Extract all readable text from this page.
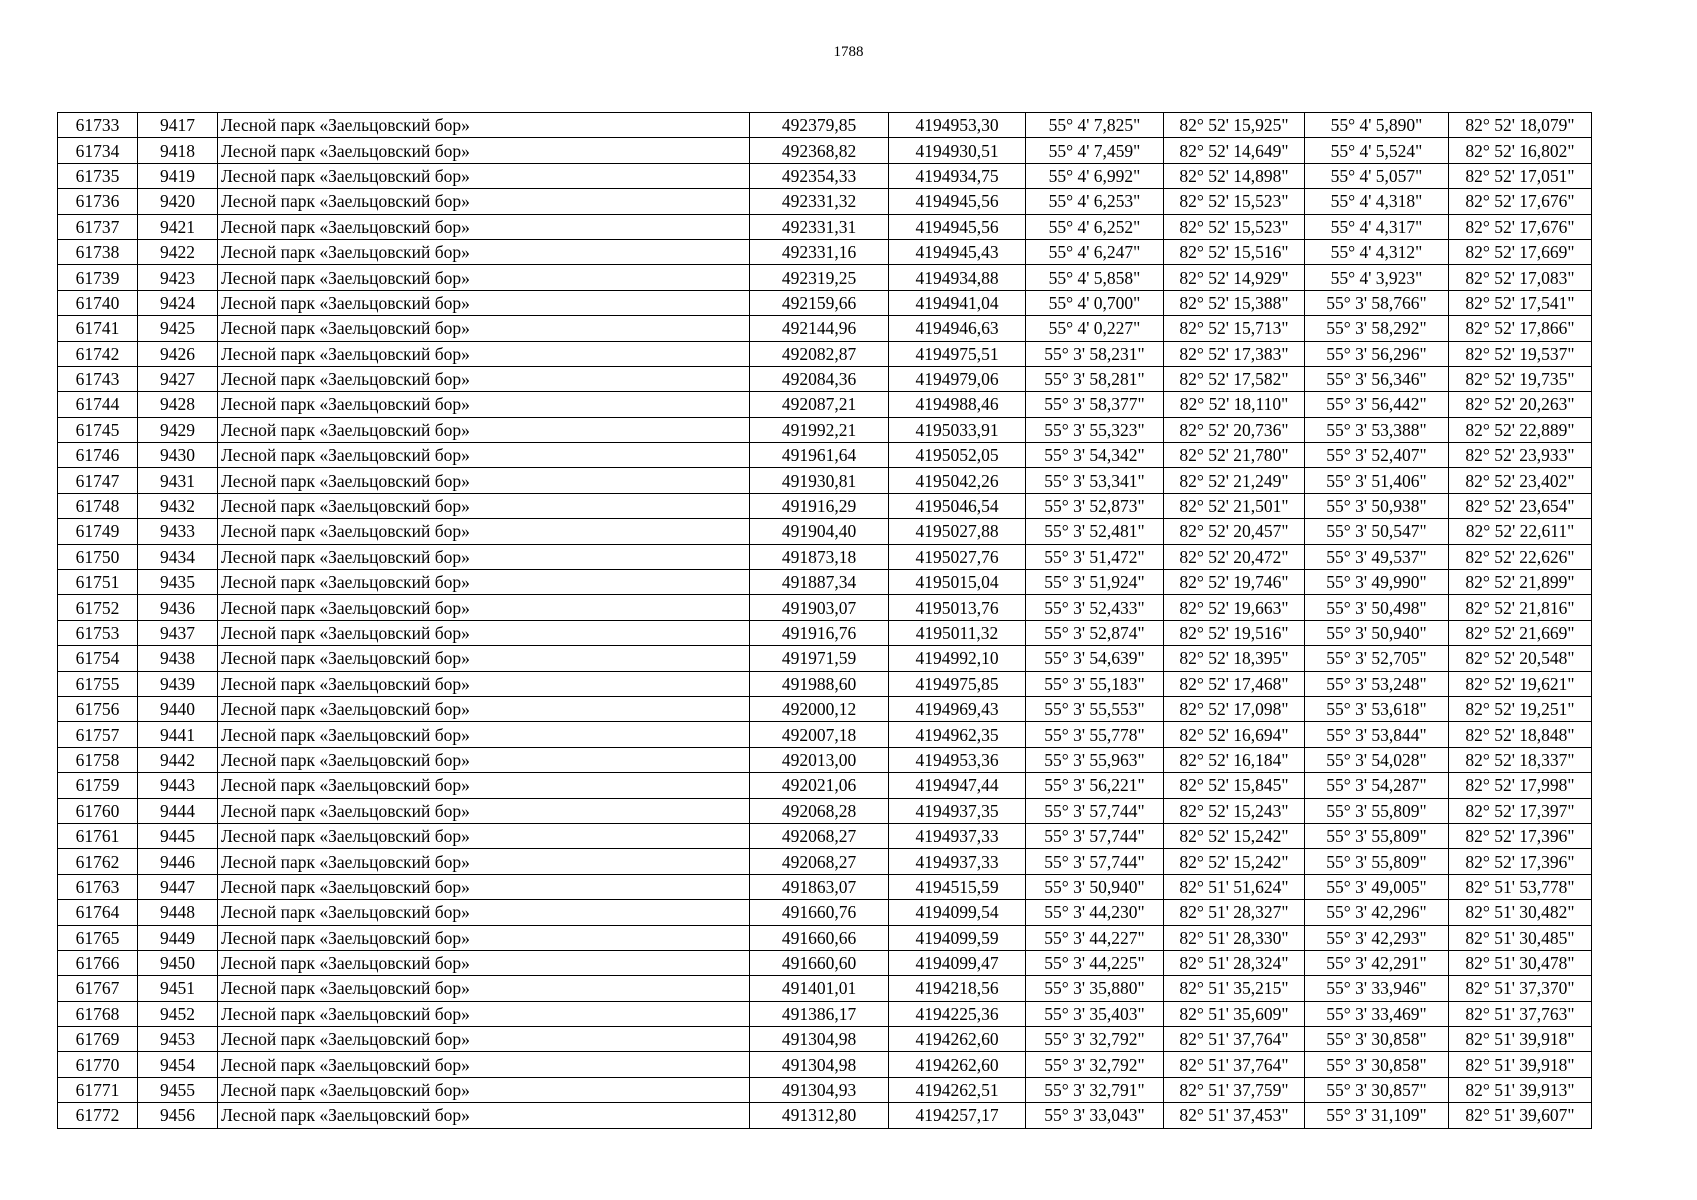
1788
61733	9417	Лесной парк «Заельцовский бор»	492379,85	4194953,30	55° 4' 7,825"	82° 52' 15,925"	55° 4' 5,890"	82° 52' 18,079"
61734	9418	Лесной парк «Заельцовский бор»	492368,82	4194930,51	55° 4' 7,459"	82° 52' 14,649"	55° 4' 5,524"	82° 52' 16,802"
61735	9419	Лесной парк «Заельцовский бор»	492354,33	4194934,75	55° 4' 6,992"	82° 52' 14,898"	55° 4' 5,057"	82° 52' 17,051"
61736	9420	Лесной парк «Заельцовский бор»	492331,32	4194945,56	55° 4' 6,253"	82° 52' 15,523"	55° 4' 4,318"	82° 52' 17,676"
61737	9421	Лесной парк «Заельцовский бор»	492331,31	4194945,56	55° 4' 6,252"	82° 52' 15,523"	55° 4' 4,317"	82° 52' 17,676"
61738	9422	Лесной парк «Заельцовский бор»	492331,16	4194945,43	55° 4' 6,247"	82° 52' 15,516"	55° 4' 4,312"	82° 52' 17,669"
61739	9423	Лесной парк «Заельцовский бор»	492319,25	4194934,88	55° 4' 5,858"	82° 52' 14,929"	55° 4' 3,923"	82° 52' 17,083"
61740	9424	Лесной парк «Заельцовский бор»	492159,66	4194941,04	55° 4' 0,700"	82° 52' 15,388"	55° 3' 58,766"	82° 52' 17,541"
61741	9425	Лесной парк «Заельцовский бор»	492144,96	4194946,63	55° 4' 0,227"	82° 52' 15,713"	55° 3' 58,292"	82° 52' 17,866"
61742	9426	Лесной парк «Заельцовский бор»	492082,87	4194975,51	55° 3' 58,231"	82° 52' 17,383"	55° 3' 56,296"	82° 52' 19,537"
61743	9427	Лесной парк «Заельцовский бор»	492084,36	4194979,06	55° 3' 58,281"	82° 52' 17,582"	55° 3' 56,346"	82° 52' 19,735"
61744	9428	Лесной парк «Заельцовский бор»	492087,21	4194988,46	55° 3' 58,377"	82° 52' 18,110"	55° 3' 56,442"	82° 52' 20,263"
61745	9429	Лесной парк «Заельцовский бор»	491992,21	4195033,91	55° 3' 55,323"	82° 52' 20,736"	55° 3' 53,388"	82° 52' 22,889"
61746	9430	Лесной парк «Заельцовский бор»	491961,64	4195052,05	55° 3' 54,342"	82° 52' 21,780"	55° 3' 52,407"	82° 52' 23,933"
61747	9431	Лесной парк «Заельцовский бор»	491930,81	4195042,26	55° 3' 53,341"	82° 52' 21,249"	55° 3' 51,406"	82° 52' 23,402"
61748	9432	Лесной парк «Заельцовский бор»	491916,29	4195046,54	55° 3' 52,873"	82° 52' 21,501"	55° 3' 50,938"	82° 52' 23,654"
61749	9433	Лесной парк «Заельцовский бор»	491904,40	4195027,88	55° 3' 52,481"	82° 52' 20,457"	55° 3' 50,547"	82° 52' 22,611"
61750	9434	Лесной парк «Заельцовский бор»	491873,18	4195027,76	55° 3' 51,472"	82° 52' 20,472"	55° 3' 49,537"	82° 52' 22,626"
61751	9435	Лесной парк «Заельцовский бор»	491887,34	4195015,04	55° 3' 51,924"	82° 52' 19,746"	55° 3' 49,990"	82° 52' 21,899"
61752	9436	Лесной парк «Заельцовский бор»	491903,07	4195013,76	55° 3' 52,433"	82° 52' 19,663"	55° 3' 50,498"	82° 52' 21,816"
61753	9437	Лесной парк «Заельцовский бор»	491916,76	4195011,32	55° 3' 52,874"	82° 52' 19,516"	55° 3' 50,940"	82° 52' 21,669"
61754	9438	Лесной парк «Заельцовский бор»	491971,59	4194992,10	55° 3' 54,639"	82° 52' 18,395"	55° 3' 52,705"	82° 52' 20,548"
61755	9439	Лесной парк «Заельцовский бор»	491988,60	4194975,85	55° 3' 55,183"	82° 52' 17,468"	55° 3' 53,248"	82° 52' 19,621"
61756	9440	Лесной парк «Заельцовский бор»	492000,12	4194969,43	55° 3' 55,553"	82° 52' 17,098"	55° 3' 53,618"	82° 52' 19,251"
61757	9441	Лесной парк «Заельцовский бор»	492007,18	4194962,35	55° 3' 55,778"	82° 52' 16,694"	55° 3' 53,844"	82° 52' 18,848"
61758	9442	Лесной парк «Заельцовский бор»	492013,00	4194953,36	55° 3' 55,963"	82° 52' 16,184"	55° 3' 54,028"	82° 52' 18,337"
61759	9443	Лесной парк «Заельцовский бор»	492021,06	4194947,44	55° 3' 56,221"	82° 52' 15,845"	55° 3' 54,287"	82° 52' 17,998"
61760	9444	Лесной парк «Заельцовский бор»	492068,28	4194937,35	55° 3' 57,744"	82° 52' 15,243"	55° 3' 55,809"	82° 52' 17,397"
61761	9445	Лесной парк «Заельцовский бор»	492068,27	4194937,33	55° 3' 57,744"	82° 52' 15,242"	55° 3' 55,809"	82° 52' 17,396"
61762	9446	Лесной парк «Заельцовский бор»	492068,27	4194937,33	55° 3' 57,744"	82° 52' 15,242"	55° 3' 55,809"	82° 52' 17,396"
61763	9447	Лесной парк «Заельцовский бор»	491863,07	4194515,59	55° 3' 50,940"	82° 51' 51,624"	55° 3' 49,005"	82° 51' 53,778"
61764	9448	Лесной парк «Заельцовский бор»	491660,76	4194099,54	55° 3' 44,230"	82° 51' 28,327"	55° 3' 42,296"	82° 51' 30,482"
61765	9449	Лесной парк «Заельцовский бор»	491660,66	4194099,59	55° 3' 44,227"	82° 51' 28,330"	55° 3' 42,293"	82° 51' 30,485"
61766	9450	Лесной парк «Заельцовский бор»	491660,60	4194099,47	55° 3' 44,225"	82° 51' 28,324"	55° 3' 42,291"	82° 51' 30,478"
61767	9451	Лесной парк «Заельцовский бор»	491401,01	4194218,56	55° 3' 35,880"	82° 51' 35,215"	55° 3' 33,946"	82° 51' 37,370"
61768	9452	Лесной парк «Заельцовский бор»	491386,17	4194225,36	55° 3' 35,403"	82° 51' 35,609"	55° 3' 33,469"	82° 51' 37,763"
61769	9453	Лесной парк «Заельцовский бор»	491304,98	4194262,60	55° 3' 32,792"	82° 51' 37,764"	55° 3' 30,858"	82° 51' 39,918"
61770	9454	Лесной парк «Заельцовский бор»	491304,98	4194262,60	55° 3' 32,792"	82° 51' 37,764"	55° 3' 30,858"	82° 51' 39,918"
61771	9455	Лесной парк «Заельцовский бор»	491304,93	4194262,51	55° 3' 32,791"	82° 51' 37,759"	55° 3' 30,857"	82° 51' 39,913"
61772	9456	Лесной парк «Заельцовский бор»	491312,80	4194257,17	55° 3' 33,043"	82° 51' 37,453"	55° 3' 31,109"	82° 51' 39,607"
